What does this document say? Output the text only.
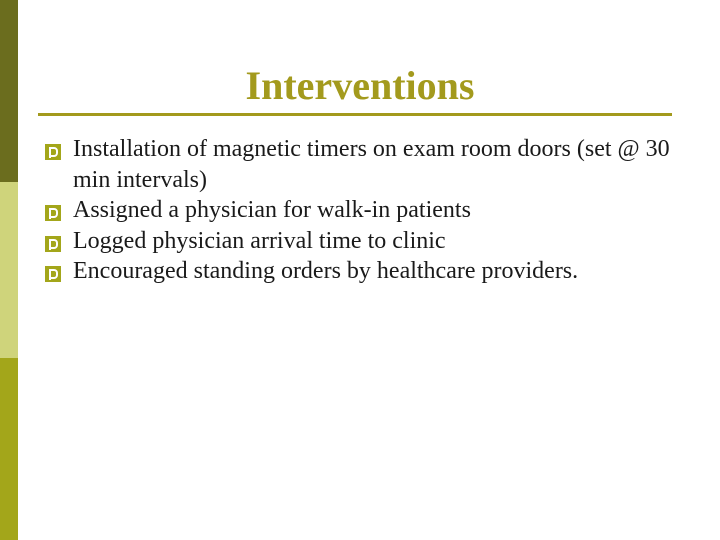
Interventions
Installation of magnetic timers on exam room doors (set @ 30 min intervals)
Assigned a physician for walk-in patients
Logged physician arrival time to clinic
Encouraged standing orders by healthcare providers.
